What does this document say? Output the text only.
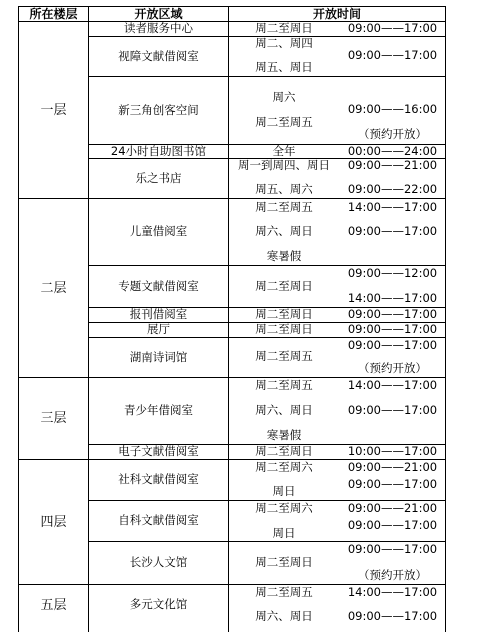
所在楼层	开放区域	开放时间
一层
二层
三层
四层
五层
读者服务中心
视障文献借阅室
新三角创客空间
24小时自助图书馆
乐之书店
儿童借阅室
专题文献借阅室
报刊借阅室
展厅
湖南诗词馆
青少年借阅室
电子文献借阅室
社科文献借阅室
自科文献借阅室
长沙人文馆
多元文化馆
周二至周日
周二、周四
周五、周日
周六
周二至周五
全年
周一到周四、周日
周五、周六
周二至周五
周六、周日
寒暑假
周二至周日
周二至周日
周二至周日
周二至周五
周二至周五
周六、周日
寒暑假
周二至周日
周二至周六
周日
周二至周六
周日
周二至周日
周二至周五
周六、周日
09:00——17:00
09:00——17:00
09:00——16:00
（预约开放）
00:00——24:00
09:00——21:00
09:00——22:00
14:00——17:00
09:00——17:00
09:00——12:00
14:00——17:00
09:00——17:00
09:00——17:00
09:00——17:00
（预约开放）
14:00——17:00
09:00——17:00
10:00——17:00
09:00——21:00
09:00——17:00
09:00——21:00
09:00——17:00
09:00——17:00
（预约开放）
14:00——17:00
09:00——17:00
